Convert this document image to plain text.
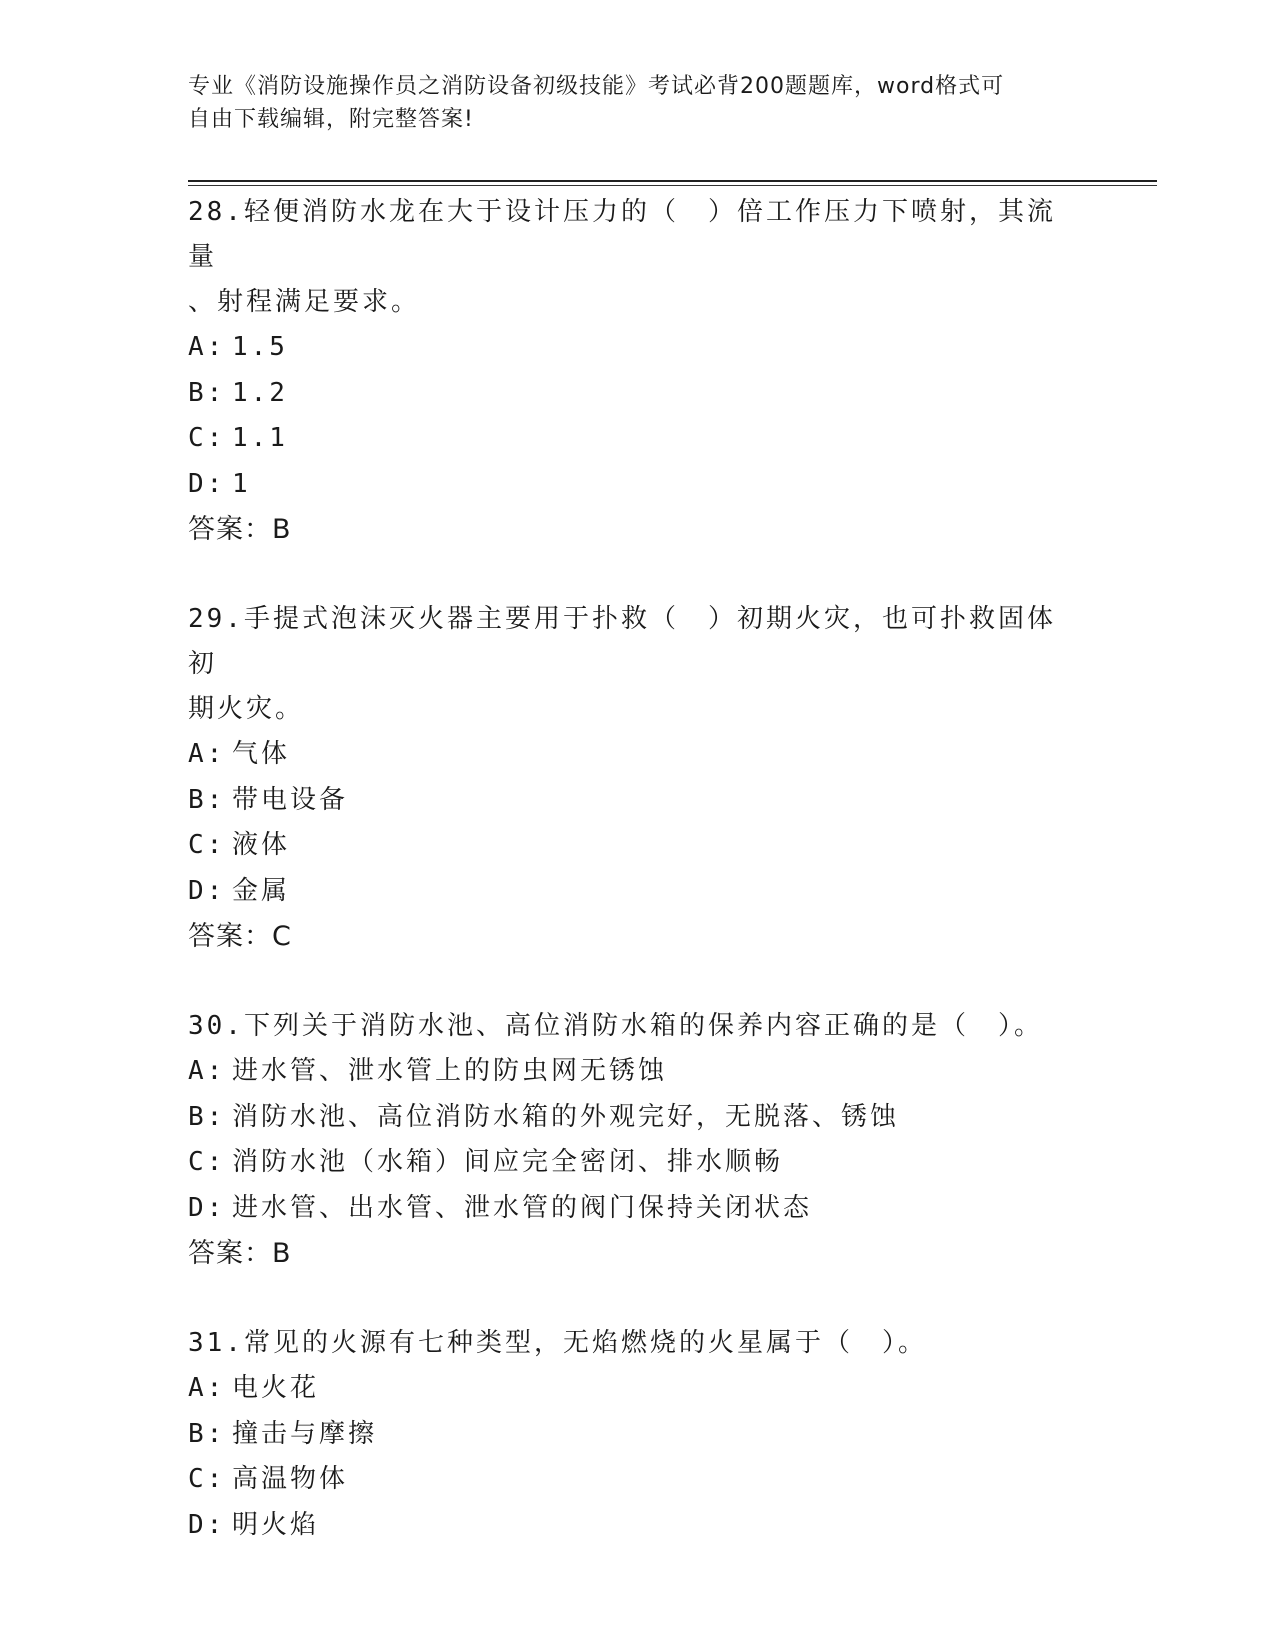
专业《消防设施操作员之消防设备初级技能》考试必背200题题库，word格式可
自由下载编辑，附完整答案!

28.轻便消防水龙在大于设计压力的（　）倍工作压力下喷射，其流量

、射程满足要求。

A: 1.5

B: 1.2

C: 1.1

D: 1

答案：B

29.手提式泡沫灭火器主要用于扑救（　）初期火灾，也可扑救固体初

期火灾。

A: 气体

B: 带电设备

C: 液体

D: 金属

答案：C

30.下列关于消防水池、高位消防水箱的保养内容正确的是（　）。

A: 进水管、泄水管上的防虫网无锈蚀

B: 消防水池、高位消防水箱的外观完好，无脱落、锈蚀

C: 消防水池（水箱）间应完全密闭、排水顺畅

D: 进水管、出水管、泄水管的阀门保持关闭状态

答案：B

31.常见的火源有七种类型，无焰燃烧的火星属于（　）。

A: 电火花

B: 撞击与摩擦

C: 高温物体

D: 明火焰
